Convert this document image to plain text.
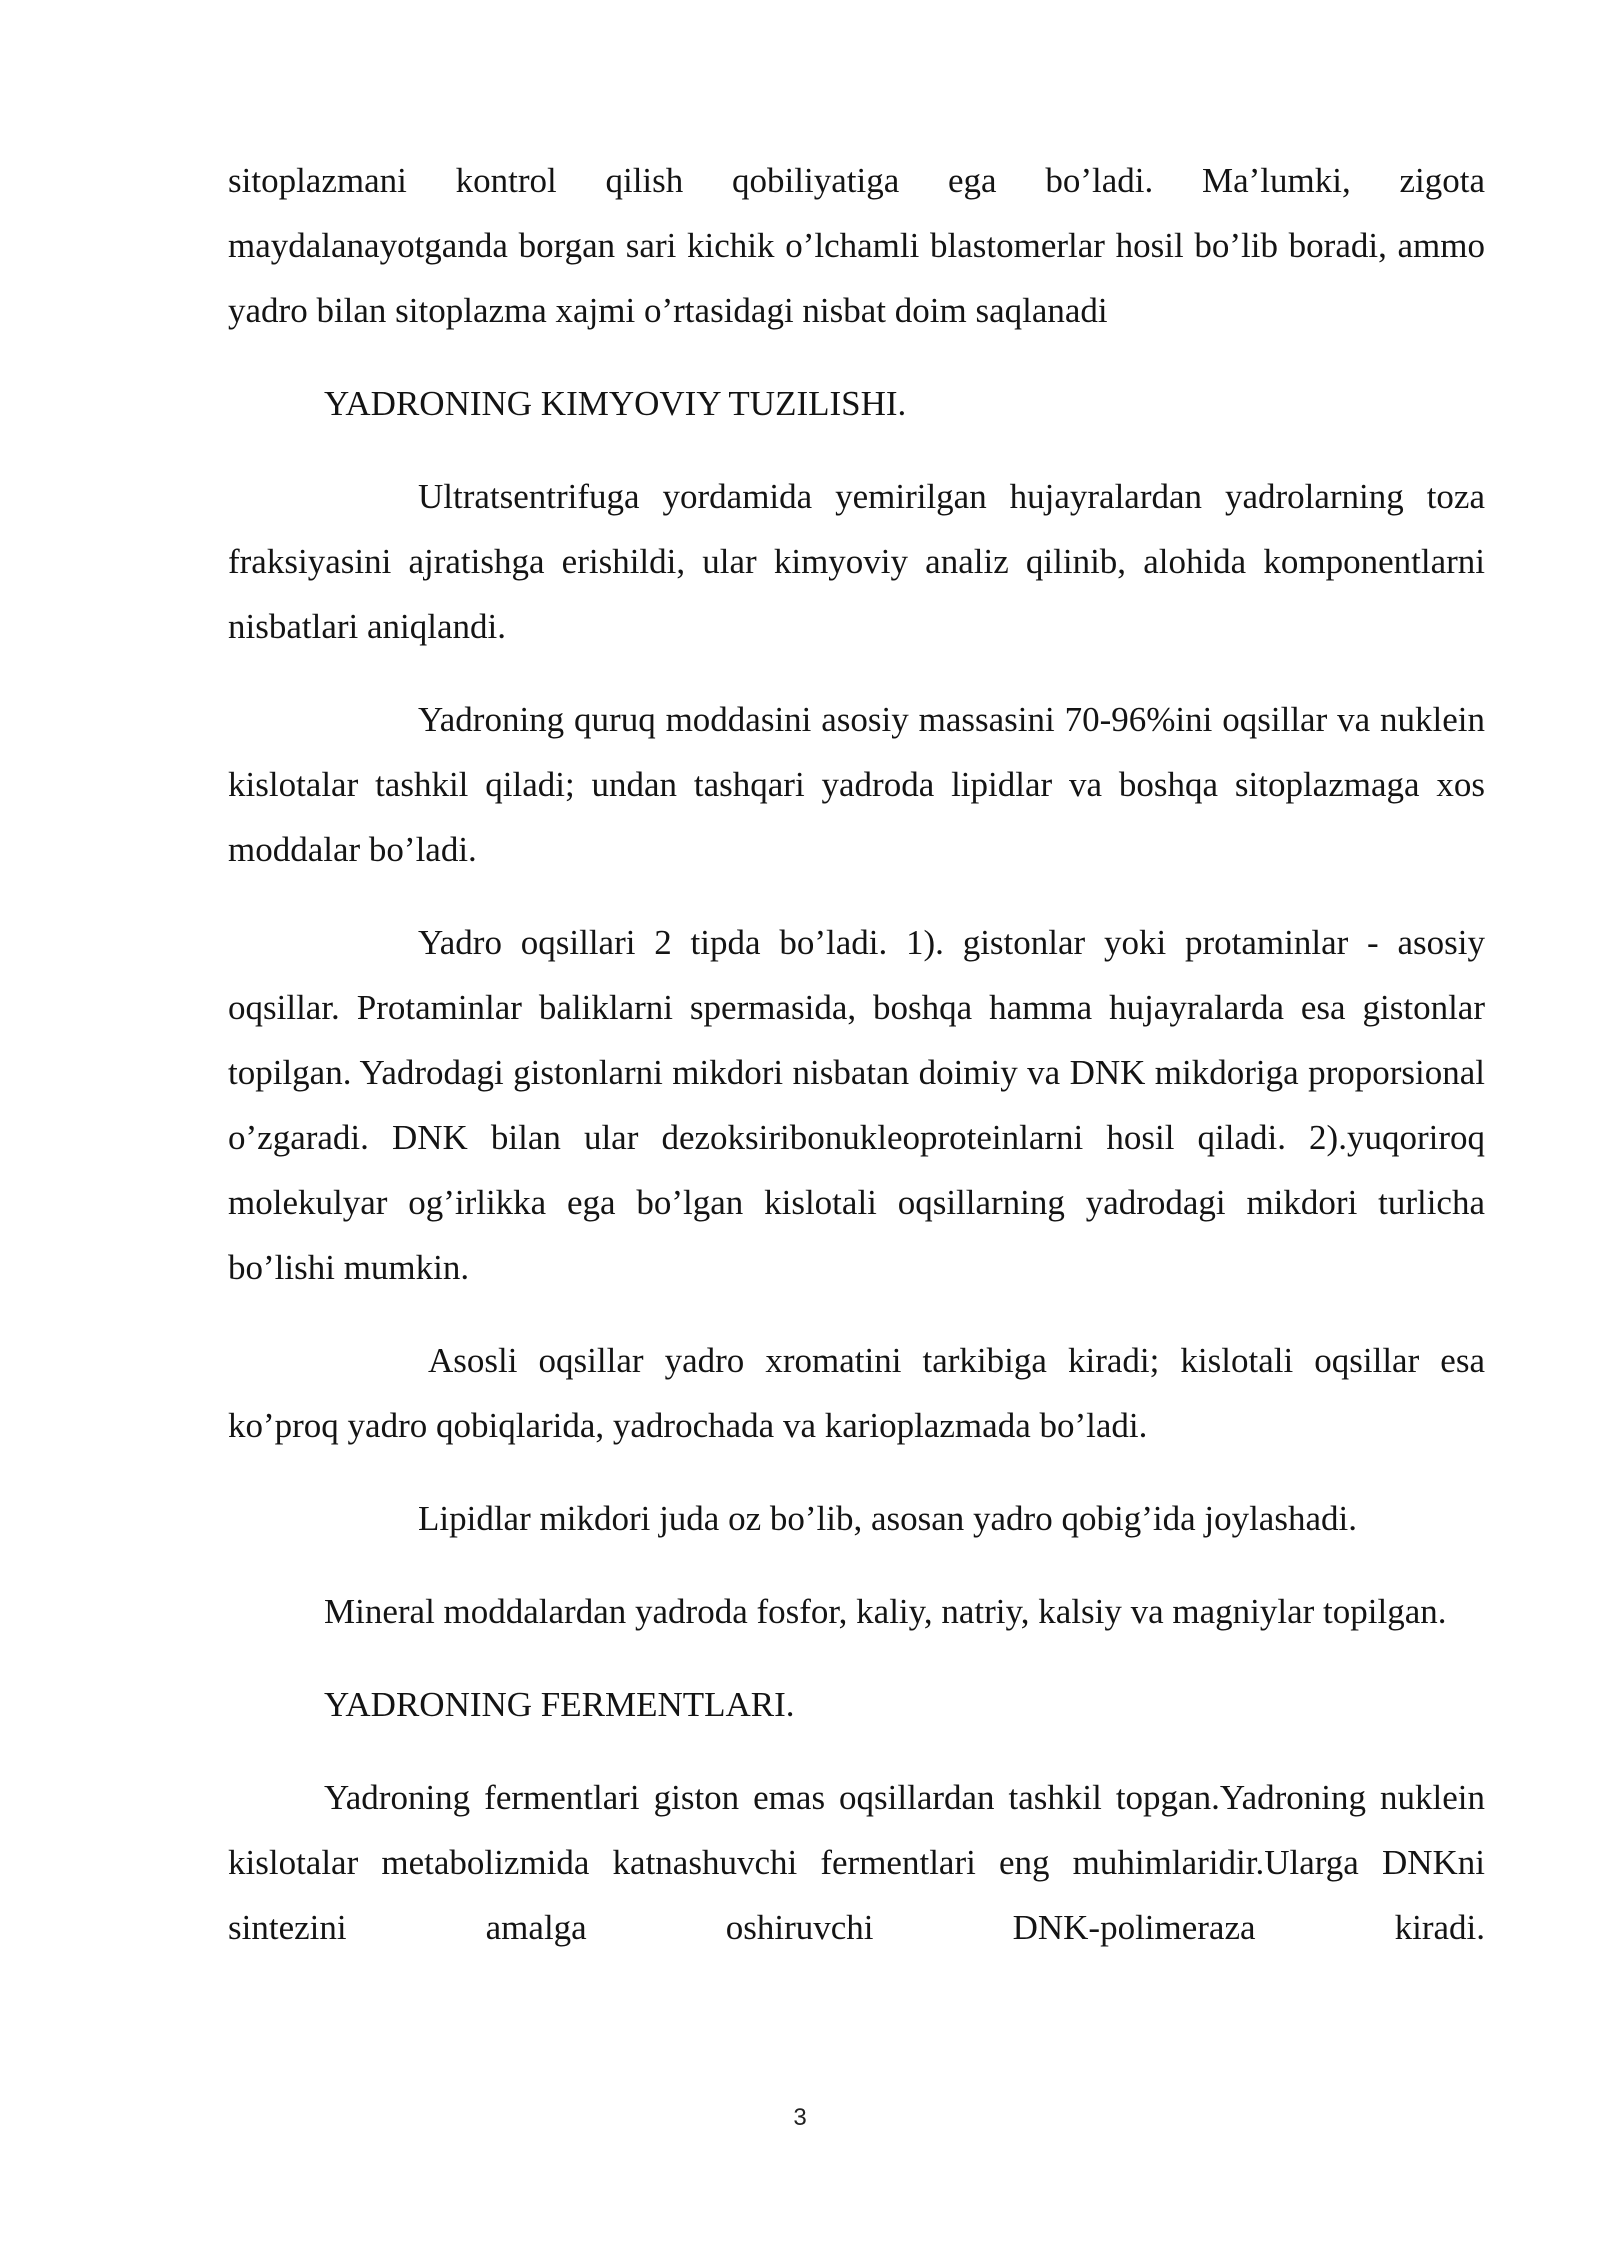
sitoplazmani kontrol qilish qobiliyatiga ega bo’ladi. Ma’lumki, zigota maydalanayotganda borgan sari kichik o’lchamli blastomerlar hosil bo’lib boradi, ammo yadro bilan sitoplazma xajmi o’rtasidagi nisbat doim saqlanadi

YADRONING KIMYOVIY TUZILISHI.

Ultratsentrifuga yordamida yemirilgan hujayralardan yadrolarning toza fraksiyasini ajratishga erishildi, ular kimyoviy analiz qilinib, alohida komponentlarni nisbatlari aniqlandi.

Yadroning quruq moddasini asosiy massasini 70-96%ini oqsillar va nuklein kislotalar tashkil qiladi; undan tashqari yadroda lipidlar va boshqa sitoplazmaga xos moddalar bo’ladi.

Yadro oqsillari 2 tipda bo’ladi. 1). gistonlar yoki protaminlar - asosiy oqsillar. Protaminlar baliklarni spermasida, boshqa hamma hujayralarda esa gistonlar topilgan. Yadrodagi gistonlarni mikdori nisbatan doimiy va DNK mikdoriga proporsional o’zgaradi. DNK bilan ular dezoksiribonukleoproteinlarni hosil qiladi. 2).yuqoriroq molekulyar og’irlikka ega bo’lgan kislotali oqsillarning yadrodagi mikdori turlicha bo’lishi mumkin.

Asosli oqsillar yadro xromatini tarkibiga kiradi; kislotali oqsillar esa ko’proq yadro qobiqlarida, yadrochada va karioplazmada bo’ladi.

Lipidlar mikdori juda oz bo’lib, asosan yadro qobig’ida joylashadi.

Mineral moddalardan yadroda fosfor, kaliy, natriy, kalsiy va magniylar topilgan.

YADRONING FERMENTLARI.

Yadroning fermentlari giston emas oqsillardan tashkil topgan.Yadroning nuklein kislotalar metabolizmida katnashuvchi fermentlari eng muhimlaridir.Ularga DNKni sintezini amalga oshiruvchi DNK-polimeraza kiradi.

3
